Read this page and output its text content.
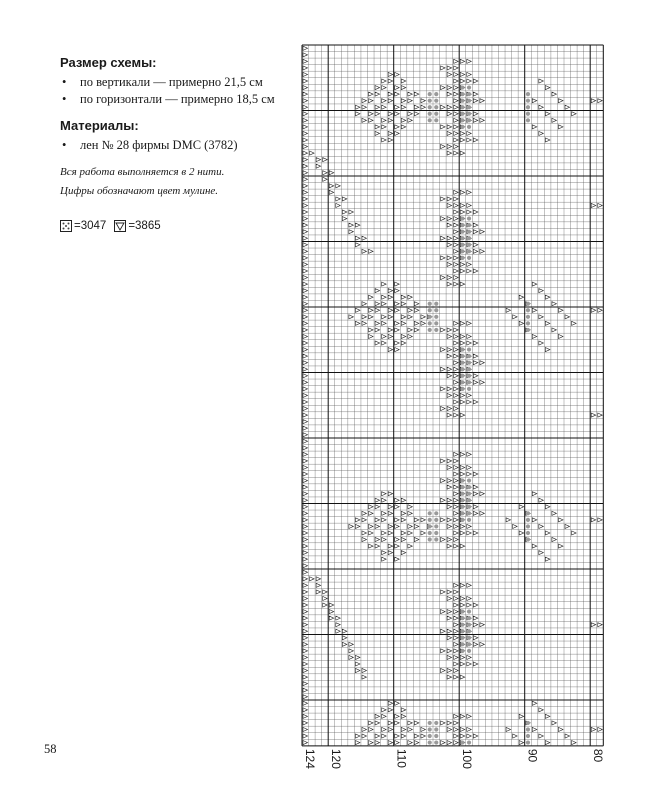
Размер схемы:
• по вертикали — примерно 21,5 см
• по горизонтали — примерно 18,5 см
Материалы:
• лен № 28 фирмы DMC (3782)

Вся работа выполняется в 2 нити.

Цифры обозначают цвет мулине.

=3047 =3865
58	124 120	110	100	90	80
